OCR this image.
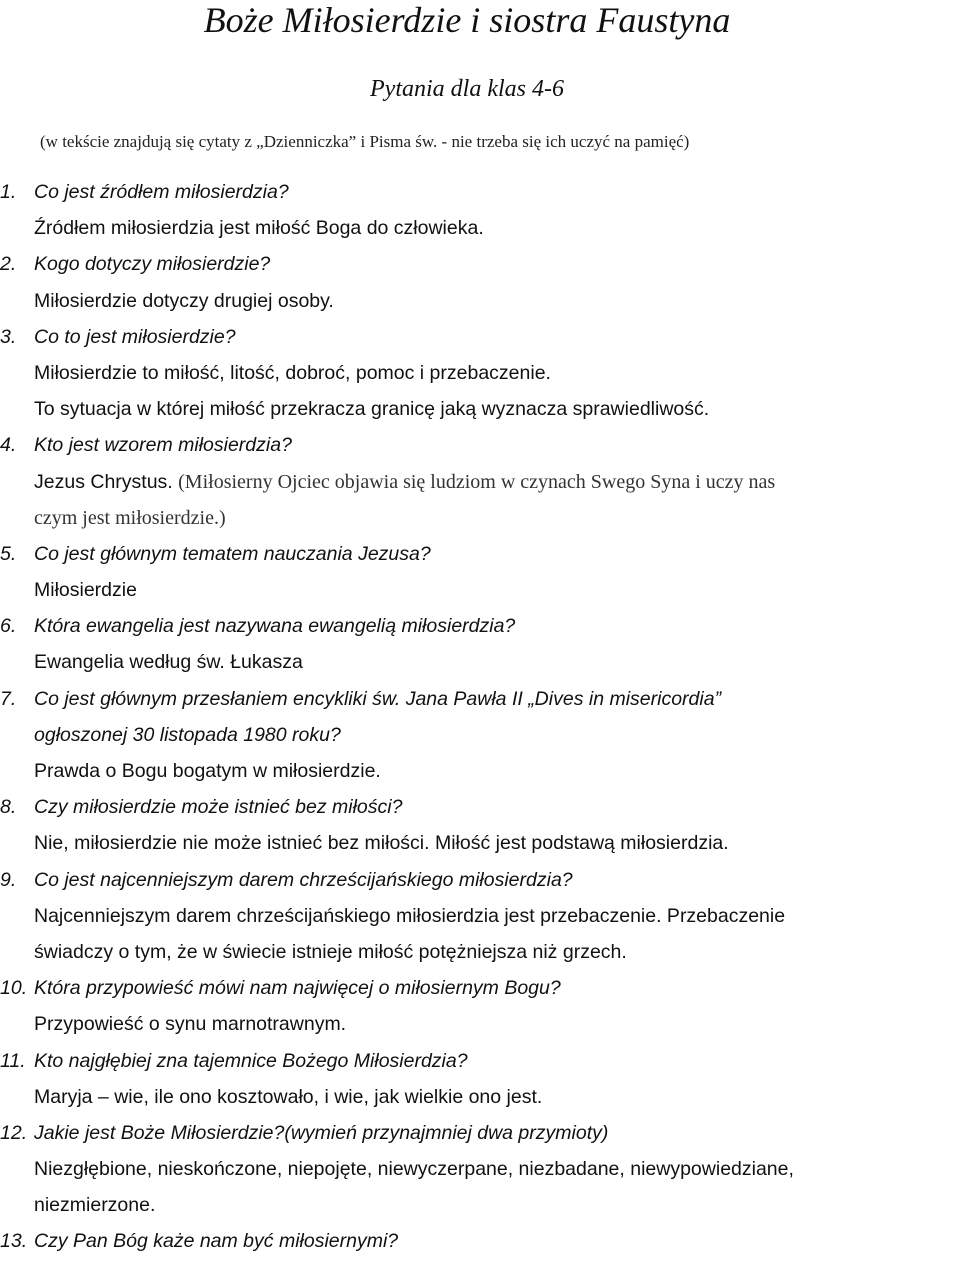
Boże Miłosierdzie i siostra Faustyna
Pytania dla klas 4-6
(w tekście znajdują się cytaty z „Dzienniczka” i Pisma św. - nie trzeba się ich uczyć na pamięć)
1. Co jest źródłem miłosierdzia?
Źródłem miłosierdzia jest miłość Boga do człowieka.
2. Kogo dotyczy miłosierdzie?
Miłosierdzie dotyczy drugiej osoby.
3. Co to jest miłosierdzie?
Miłosierdzie to miłość, litość, dobroć, pomoc i przebaczenie.
To sytuacja w której miłość przekracza granicę jaką wyznacza sprawiedliwość.
4. Kto jest wzorem miłosierdzia?
Jezus Chrystus. (Miłosierny Ojciec objawia się ludziom w czynach Swego Syna i uczy nas
czym jest miłosierdzie.)
5. Co jest głównym tematem nauczania Jezusa?
Miłosierdzie
6. Która ewangelia jest nazywana ewangelią miłosierdzia?
Ewangelia według św. Łukasza
7. Co jest głównym przesłaniem encykliki św. Jana Pawła II „Dives in misericordia”
ogłoszonej 30 listopada 1980 roku?
Prawda o Bogu bogatym w miłosierdzie.
8. Czy miłosierdzie może istnieć bez miłości?
Nie, miłosierdzie nie może istnieć bez miłości. Miłość jest podstawą miłosierdzia.
9. Co jest najcenniejszym darem chrześcijańskiego miłosierdzia?
Najcenniejszym darem chrześcijańskiego miłosierdzia jest przebaczenie. Przebaczenie
świadczy o tym, że w świecie istnieje miłość potężniejsza niż grzech.
10. Która przypowieść mówi nam najwięcej o miłosiernym Bogu?
Przypowieść o synu marnotrawnym.
11. Kto najgłębiej zna tajemnice Bożego Miłosierdzia?
Maryja – wie, ile ono kosztowało, i wie, jak wielkie ono jest.
12. Jakie jest Boże Miłosierdzie?(wymień przynajmniej dwa przymioty)
Niezgłębione, nieskończone, niepojęte, niewyczerpane, niezbadane, niewypowiedziane,
niezmierzone.
13. Czy Pan Bóg każe nam być miłosiernymi?
